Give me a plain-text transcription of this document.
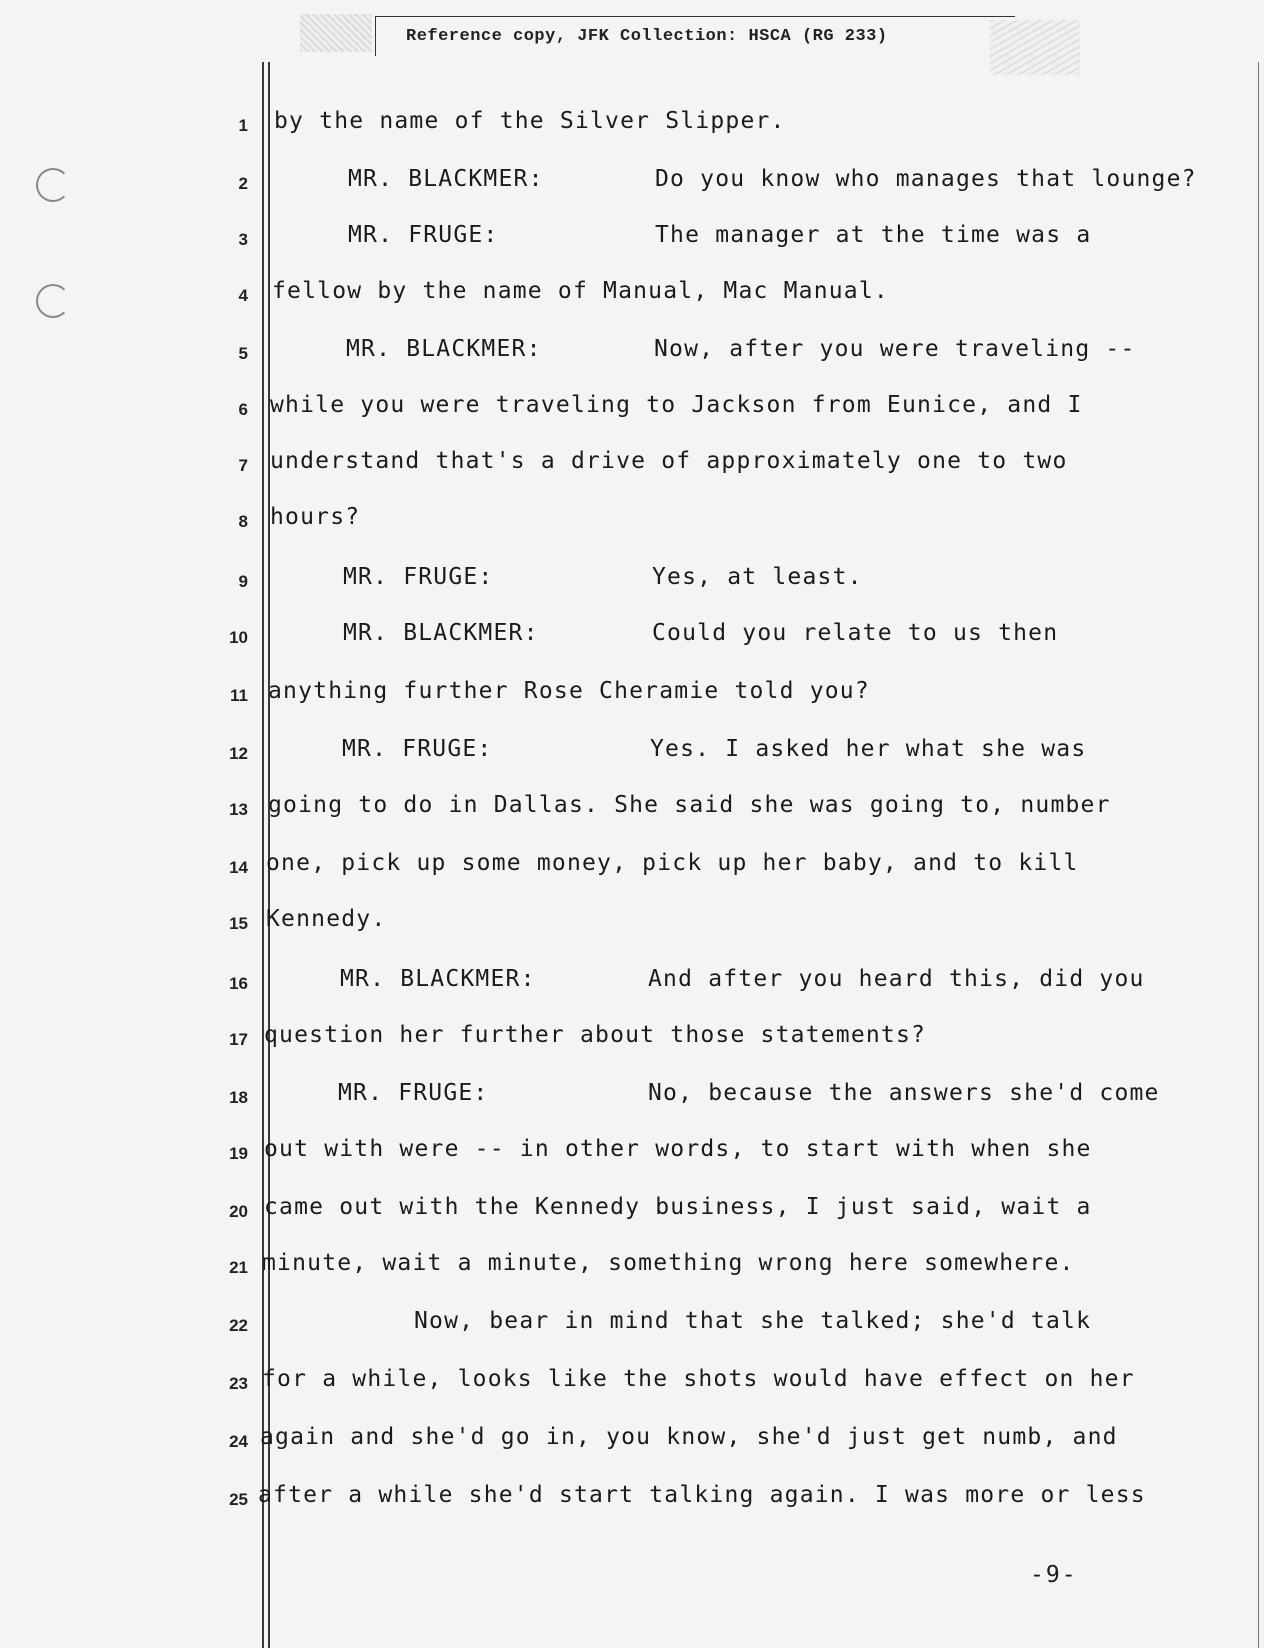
Reference copy, JFK Collection: HSCA (RG 233)
1 by the name of the Silver Slipper.
2	MR. BLACKMER:	Do you know who manages that lounge?
3	MR. FRUGE:	The manager at the time was a
4 fellow by the name of Manual, Mac Manual.
5	MR. BLACKMER:	Now, after you were traveling --
6 while you were traveling to Jackson from Eunice, and I
7 understand that's a drive of approximately one to two
8 hours?
9	MR. FRUGE:	Yes, at least.
10	MR. BLACKMER:	Could you relate to us then
11 anything further Rose Cheramie told you?
12	MR. FRUGE:	Yes. I asked her what she was
13 going to do in Dallas. She said she was going to, number
14 one, pick up some money, pick up her baby, and to kill
15 Kennedy.
16	MR. BLACKMER:	And after you heard this, did you
17 question her further about those statements?
18	MR. FRUGE:	No, because the answers she'd come
19 out with were -- in other words, to start with when she
20 came out with the Kennedy business, I just said, wait a
21 minute, wait a minute, something wrong here somewhere.
22	Now, bear in mind that she talked; she'd talk
23 for a while, looks like the shots would have effect on her
24 again and she'd go in, you know, she'd just get numb, and
25 after a while she'd start talking again. I was more or less
-9-
